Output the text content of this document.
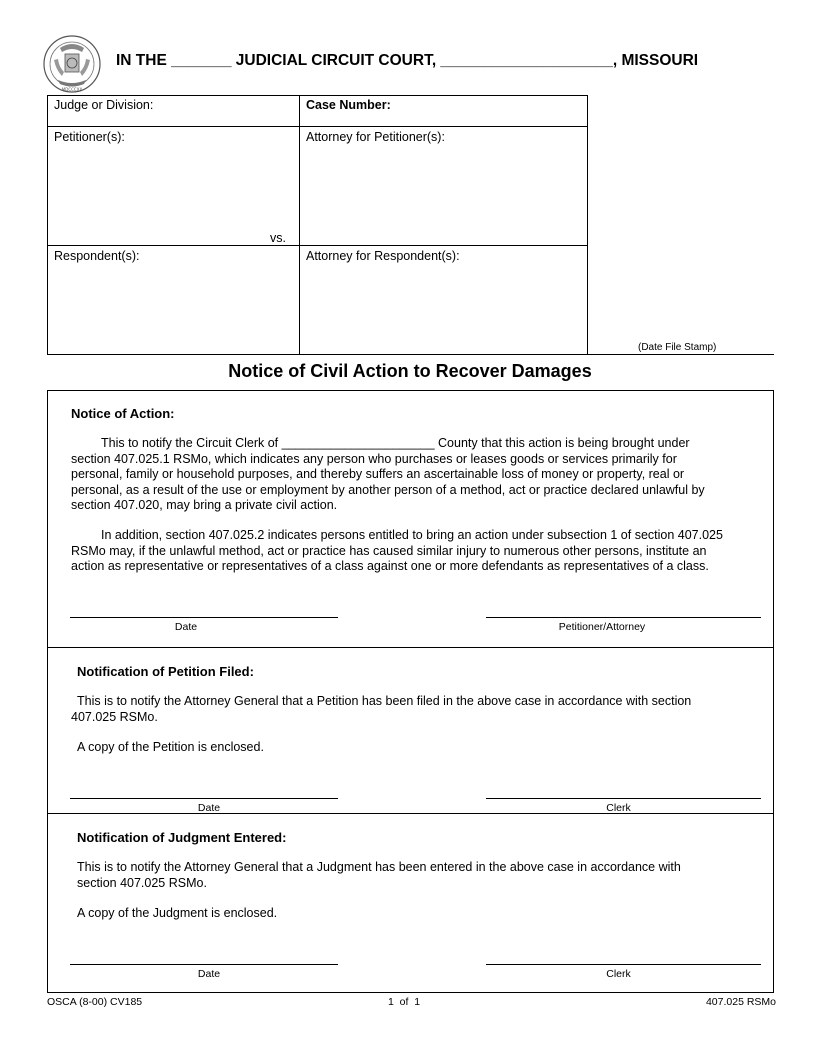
MDCCCXX
IN THE _______ JUDICIAL CIRCUIT COURT, ____________________, MISSOURI
Judge or Division:	Case Number:
Petitioner(s):	Attorney for Petitioner(s):
vs.
Respondent(s):	Attorney for Respondent(s):
(Date File Stamp)
Notice of Civil Action to Recover Damages
Notice of Action:
This to notify the Circuit Clerk of ______________________ County that this action is being brought under
section 407.025.1 RSMo, which indicates any person who purchases or leases goods or services primarily for
personal, family or household purposes, and thereby suffers an ascertainable loss of money or property, real or
personal, as a result of the use or employment by another person of a method, act or practice declared unlawful by
section 407.020, may bring a private civil action.
In addition, section 407.025.2 indicates persons entitled to bring an action under subsection 1 of section 407.025
RSMo may, if the unlawful method, act or practice has caused similar injury to numerous other persons, institute an
action as representative or representatives of a class against one or more defendants as representatives of a class.
Date	Petitioner/Attorney
Notification of Petition Filed:
This is to notify the Attorney General that a Petition has been filed in the above case in accordance with section
407.025 RSMo.
A copy of the Petition is enclosed.
Date	Clerk
Notification of Judgment Entered:
This is to notify the Attorney General that a Judgment has been entered in the above case in accordance with
section 407.025 RSMo.
A copy of the Judgment is enclosed.
Date	Clerk
OSCA (8-00) CV185	1  of  1	407.025 RSMo
